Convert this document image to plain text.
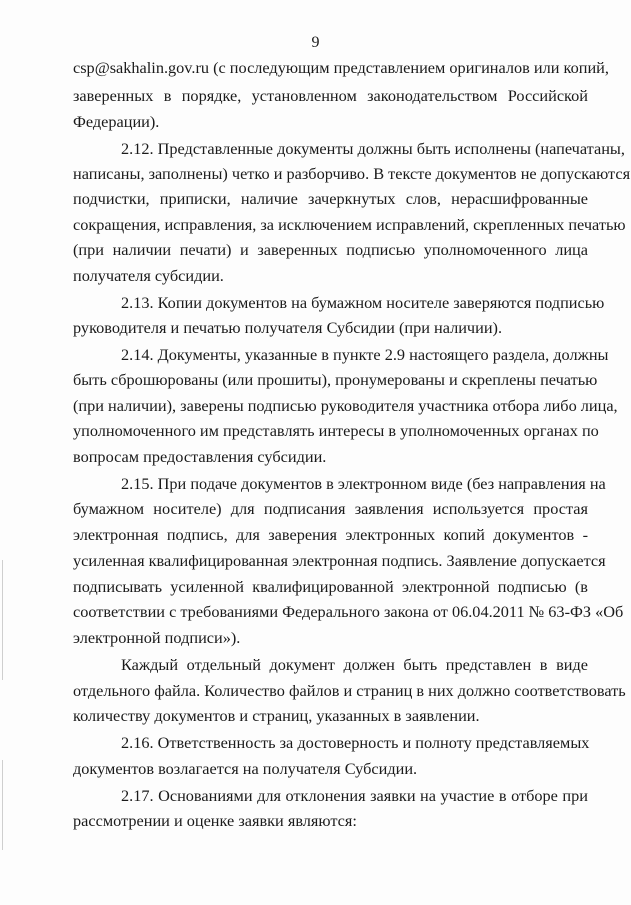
9
csp@sakhalin.gov.ru (с последующим представлением оригиналов или копий,
заверенных в порядке, установленном законодательством Российской
Федерации).
2.12. Представленные документы должны быть исполнены (напечатаны,
написаны, заполнены) четко и разборчиво. В тексте документов не допускаются
подчистки, приписки, наличие зачеркнутых слов, нерасшифрованные
сокращения, исправления, за исключением исправлений, скрепленных печатью
(при наличии печати) и заверенных подписью уполномоченного лица
получателя субсидии.
2.13. Копии документов на бумажном носителе заверяются подписью
руководителя и печатью получателя Субсидии (при наличии).
2.14. Документы, указанные в пункте 2.9 настоящего раздела, должны
быть сброшюрованы (или прошиты), пронумерованы и скреплены печатью
(при наличии), заверены подписью руководителя участника отбора либо лица,
уполномоченного им представлять интересы в уполномоченных органах по
вопросам предоставления субсидии.
2.15. При подаче документов в электронном виде (без направления на
бумажном носителе) для подписания заявления используется простая
электронная подпись, для заверения электронных копий документов -
усиленная квалифицированная электронная подпись. Заявление допускается
подписывать усиленной квалифицированной электронной подписью (в
соответствии с требованиями Федерального закона от 06.04.2011 № 63-ФЗ «Об
электронной подписи»).
Каждый отдельный документ должен быть представлен в виде
отдельного файла. Количество файлов и страниц в них должно соответствовать
количеству документов и страниц, указанных в заявлении.
2.16. Ответственность за достоверность и полноту представляемых
документов возлагается на получателя Субсидии.
2.17. Основаниями для отклонения заявки на участие в отборе при
рассмотрении и оценке заявки являются:
